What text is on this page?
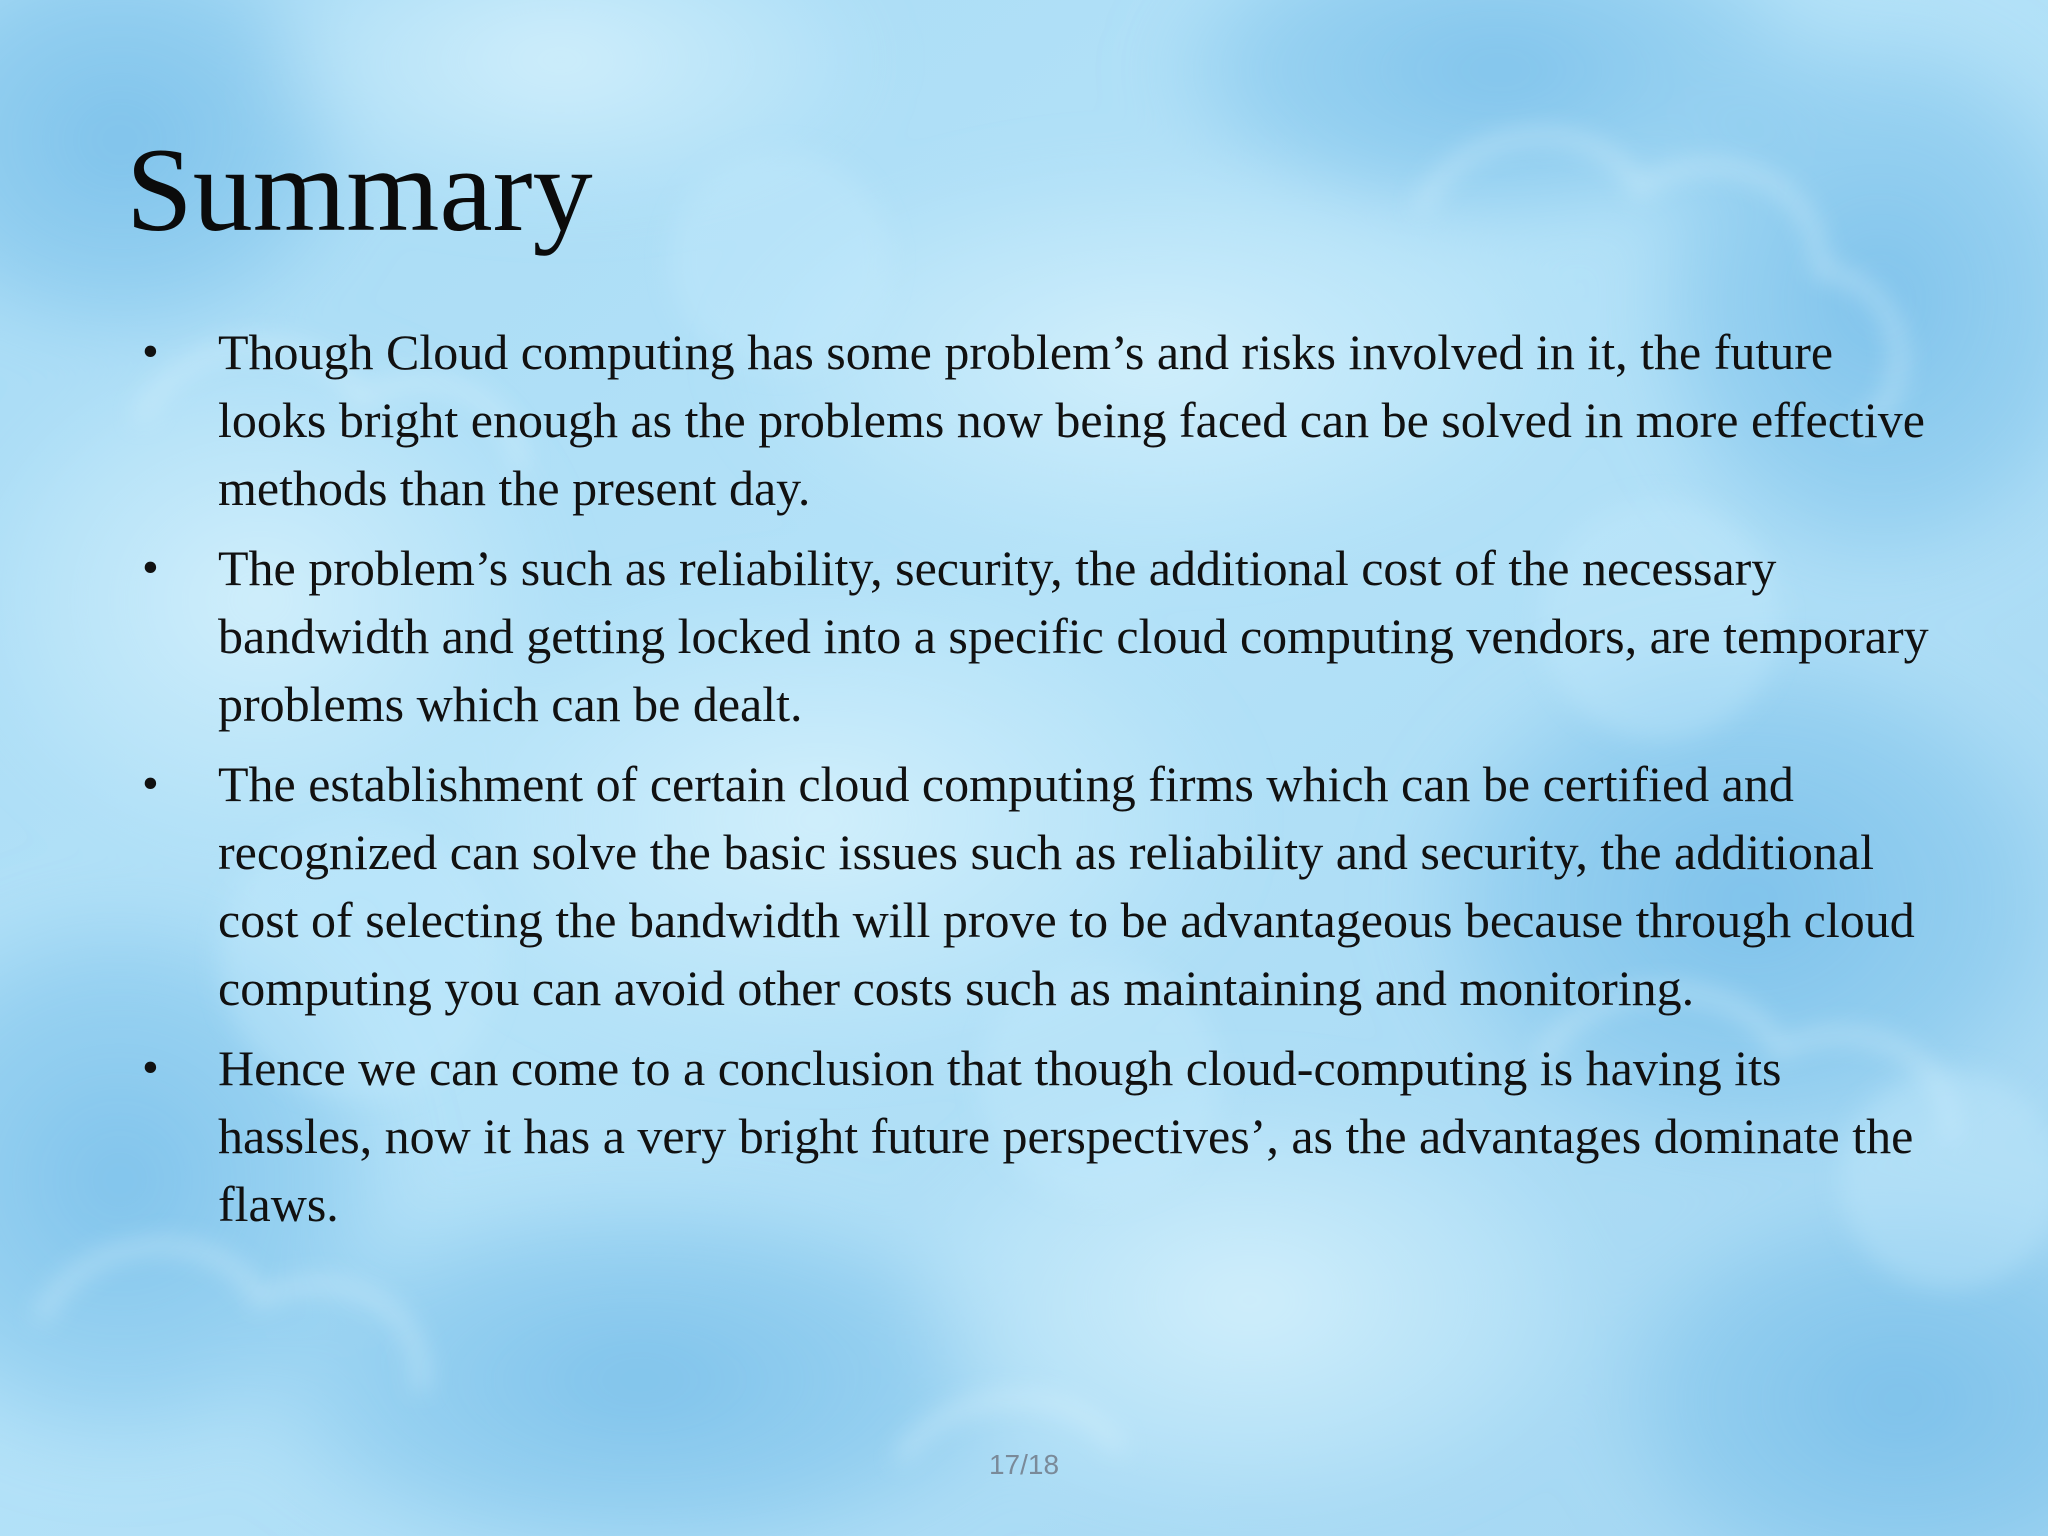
Summary
• Though Cloud computing has some problem’s and risks involved in it, the future looks bright enough as the problems now being faced can be solved in more effective methods than the present day.
• The problem’s such as reliability, security, the additional cost of the necessary bandwidth and getting locked into a specific cloud computing vendors, are temporary problems which can be dealt.
• The establishment of certain cloud computing firms which can be certified and recognized can solve the basic issues such as reliability and security, the additional cost of selecting the bandwidth will prove to be advantageous because through cloud computing you can avoid other costs such as maintaining and monitoring.
• Hence we can come to a conclusion that though cloud-computing is having its hassles, now it has a very bright future perspectives’, as the advantages dominate the flaws.
17/18
